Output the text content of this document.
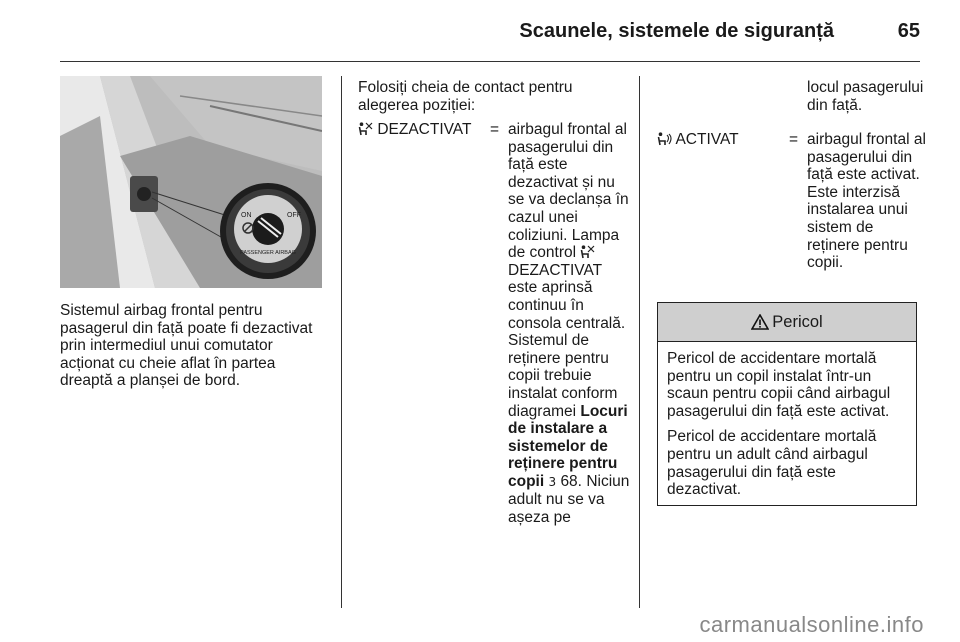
Scaunele, sistemele de siguranță	65
ON	OFF
PASSENGER AIRBAG
Sistemul airbag frontal pentru pasagerul din față poate fi dezactivat prin intermediul unui comutator acționat cu cheie aflat în partea dreaptă a planșei de bord.
Folosiți cheia de contact pentru alegerea poziției:
DEZACTIVAT = airbagul frontal al pasagerului din față este dezactivat și nu se va declanșa în cazul unei coliziuni. Lampa de control
DEZACTIVAT este aprinsă continuu în consola centrală. Sistemul de reținere pentru copii trebuie instalat conform diagramei Locuri de instalare a sistemelor de reținere pentru copii 3 68. Niciun adult nu se va așeza pe
locul pasagerului din față.
ACTIVAT	= airbagul frontal al pasagerului din față este activat. Este interzisă instalarea unui sistem de reținere pentru copii.
Pericol

Pericol de accidentare mortală pentru un copil instalat într-un scaun pentru copii când airbagul pasagerului din față este activat.

Pericol de accidentare mortală pentru un adult când airbagul pasagerului din față este dezactivat.

carmanualsonline.info
